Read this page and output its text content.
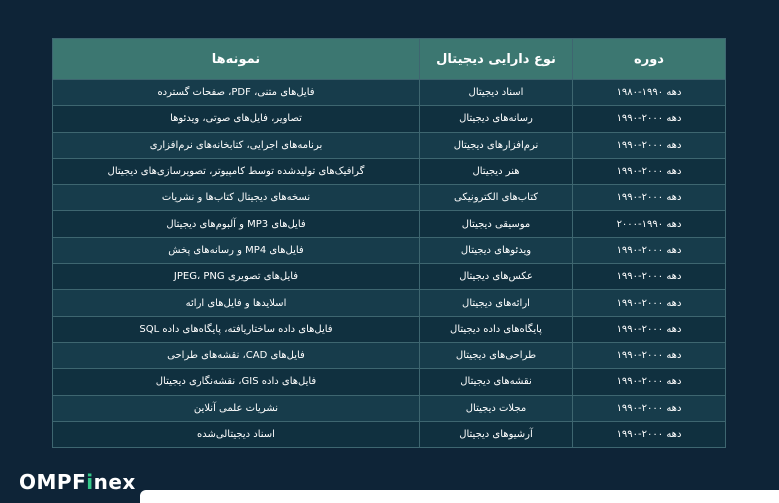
دوره	نوع دارایی دیجیتال	نمونه‌ها
دهه ۱۹۹۰-۱۹۸۰	اسناد دیجیتال	فایل‌های متنی، PDF، صفحات گسترده
دهه ۲۰۰۰-۱۹۹۰	رسانه‌های دیجیتال	تصاویر، فایل‌های صوتی، ویدئوها
دهه ۲۰۰۰-۱۹۹۰	نرم‌افزارهای دیجیتال	برنامه‌های اجرایی، کتابخانه‌های نرم‌افزاری
دهه ۲۰۰۰-۱۹۹۰	هنر دیجیتال	گرافیک‌های تولیدشده توسط کامپیوتر، تصویرسازی‌های دیجیتال
دهه ۲۰۰۰-۱۹۹۰	کتاب‌های الکترونیکی	نسخه‌های دیجیتال کتاب‌ها و نشریات
دهه ۱۹۹۰-۲۰۰۰	موسیقی دیجیتال	فایل‌های MP3 و آلبوم‌های دیجیتال
دهه ۲۰۰۰-۱۹۹۰	ویدئوهای دیجیتال	فایل‌های MP4 و رسانه‌های پخش
دهه ۲۰۰۰-۱۹۹۰	عکس‌های دیجیتال	فایل‌های تصویری JPEG، PNG
دهه ۲۰۰۰-۱۹۹۰	ارائه‌های دیجیتال	اسلایدها و فایل‌های ارائه
دهه ۲۰۰۰-۱۹۹۰	پایگاه‌های داده دیجیتال	فایل‌های داده ساختاریافته، پایگاه‌های داده SQL
دهه ۲۰۰۰-۱۹۹۰	طراحی‌های دیجیتال	فایل‌های CAD، نقشه‌های طراحی
دهه ۲۰۰۰-۱۹۹۰	نقشه‌های دیجیتال	فایل‌های داده GIS، نقشه‌نگاری دیجیتال
دهه ۲۰۰۰-۱۹۹۰	مجلات دیجیتال	نشریات علمی آنلاین
دهه ۲۰۰۰-۱۹۹۰	آرشیوهای دیجیتال	اسناد دیجیتالی‌شده
OMPFinex
